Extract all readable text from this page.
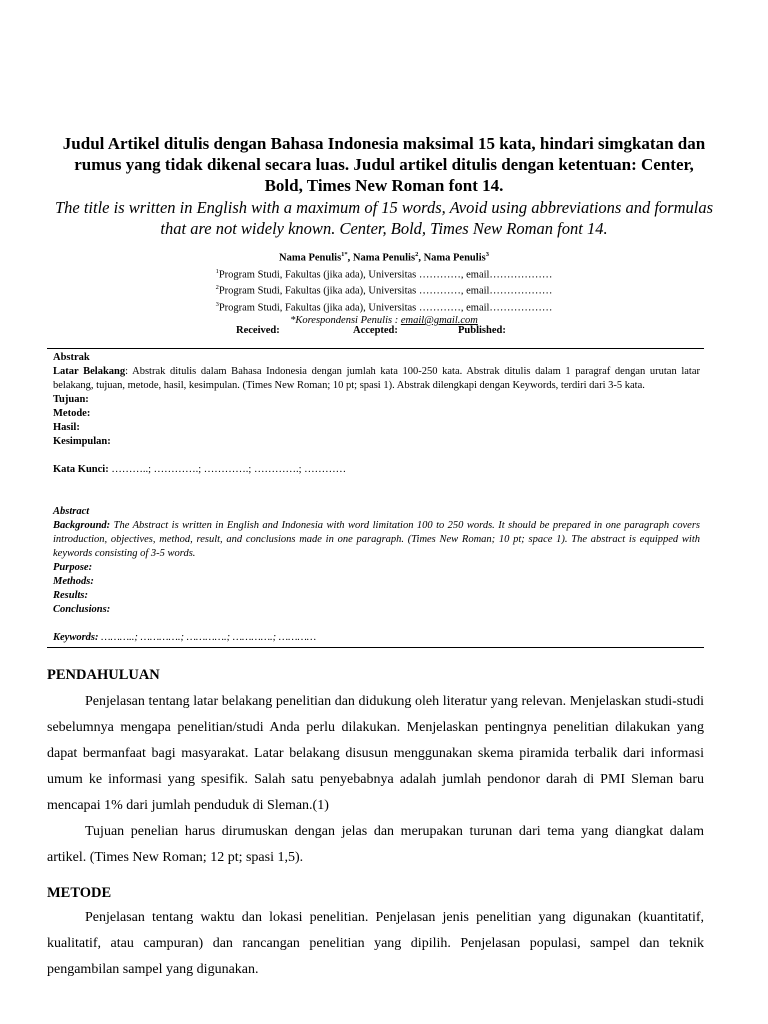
Judul Artikel ditulis dengan Bahasa Indonesia maksimal 15 kata, hindari simgkatan dan rumus yang tidak dikenal secara luas. Judul artikel ditulis dengan ketentuan: Center, Bold, Times New Roman font 14.
The title is written in English with a maximum of 15 words, Avoid using abbreviations and formulas that are not widely known. Center, Bold, Times New Roman font 14.
Nama Penulis$^{1*}$, Nama Penulis$^2$, Nama Penulis$^3$
$^1$Program Studi, Fakultas (jika ada), Universitas …………, email………………
$^2$Program Studi, Fakultas (jika ada), Universitas …………, email………………
$^3$Program Studi, Fakultas (jika ada), Universitas …………, email………………
*Korespondensi Penulis : email@gmail.com
Received:	Accepted:	Published:

Abstrak

Latar Belakang: Abstrak ditulis dalam Bahasa Indonesia dengan jumlah kata 100-250 kata. Abstrak ditulis dalam 1 paragraf dengan urutan latar belakang, tujuan, metode, hasil, kesimpulan. (Times New Roman; 10 pt; spasi 1). Abstrak dilengkapi dengan Keywords, terdiri dari 3-5 kata.

Tujuan:

Metode:

Hasil:

Kesimpulan:

Kata Kunci: ………..; ………….; ………….; ………….; …………

Abstract

Background: The Abstract is written in English and Indonesia with word limitation 100 to 250 words. It should be prepared in one paragraph covers introduction, objectives, method, result, and conclusions made in one paragraph. (Times New Roman; 10 pt; space 1). The abstract is equipped with keywords consisting of 3-5 words.

Purpose:

Methods:

Results:

Conclusions:

Keywords: ………..; ………….; ………….; ………….; …………

PENDAHULUAN

Penjelasan tentang latar belakang penelitian dan didukung oleh literatur yang relevan. Menjelaskan studi-studi sebelumnya mengapa penelitian/studi Anda perlu dilakukan. Menjelaskan pentingnya penelitian dilakukan yang dapat bermanfaat bagi masyarakat. Latar belakang disusun menggunakan skema piramida terbalik dari informasi umum ke informasi yang spesifik. Salah satu penyebabnya adalah jumlah pendonor darah di PMI Sleman baru mencapai 1% dari jumlah penduduk di Sleman.(1)

Tujuan penelian harus dirumuskan dengan jelas dan merupakan turunan dari tema yang diangkat dalam artikel. (Times New Roman; 12 pt; spasi 1,5).

METODE

Penjelasan tentang waktu dan lokasi penelitian. Penjelasan jenis penelitian yang digunakan (kuantitatif, kualitatif, atau campuran) dan rancangan penelitian yang dipilih. Penjelasan populasi, sampel dan teknik pengambilan sampel yang digunakan.
